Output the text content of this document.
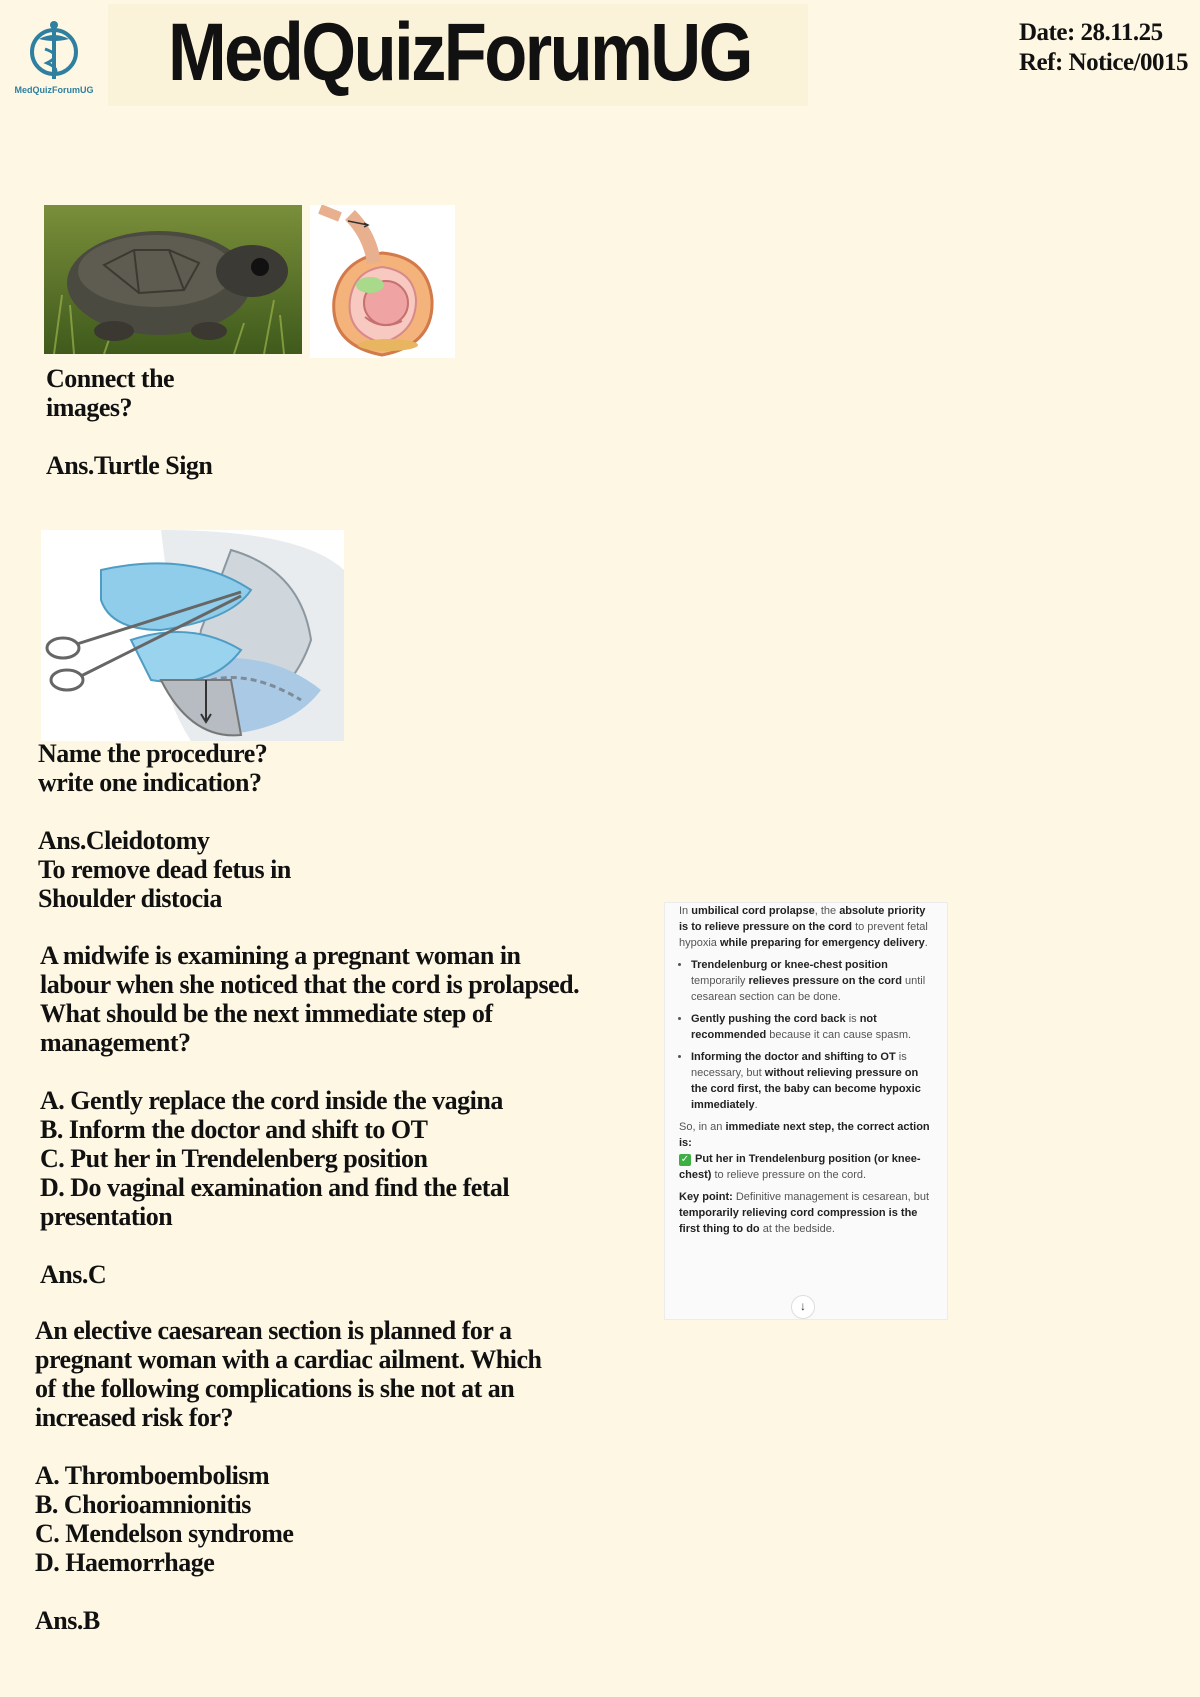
MedQuizForumUG MedQuizForumUG	Date: 28.11.25
Ref: Notice/0015

Connect the

images?

Ans.Turtle Sign

Name the procedure?

write one indication?

Ans.Cleidotomy

To remove dead fetus in

Shoulder distocia

A midwife is examining a pregnant woman in

labour when she noticed that the cord is prolapsed.

What should be the next immediate step of

management?

A. Gently replace the cord inside the vagina

B. Inform the doctor and shift to OT

C. Put her in Trendelenberg position

D. Do vaginal examination and find the fetal

presentation

Ans.C

An elective caesarean section is planned for a

pregnant woman with a cardiac ailment. Which

of the following complications is she not at an

increased risk for?

A. Thromboembolism

B. Chorioamnionitis

C. Mendelson syndrome

D. Haemorrhage

Ans.B

In umbilical cord prolapse, the absolute priority is to relieve pressure on the cord to prevent fetal hypoxia while preparing for emergency delivery.

• Trendelenburg or knee-chest position temporarily relieves pressure on the cord until cesarean section can be done.
• Gently pushing the cord back is not recommended because it can cause spasm.
• Informing the doctor and shifting to OT is necessary, but without relieving pressure on the cord first, the baby can become hypoxic immediately.

So, in an immediate next step, the correct action is:
✓ Put her in Trendelenburg position (or knee-chest) to relieve pressure on the cord.

Key point: Definitive management is cesarean, but temporarily relieving cord compression is the first thing to do at the bedside.

↓
